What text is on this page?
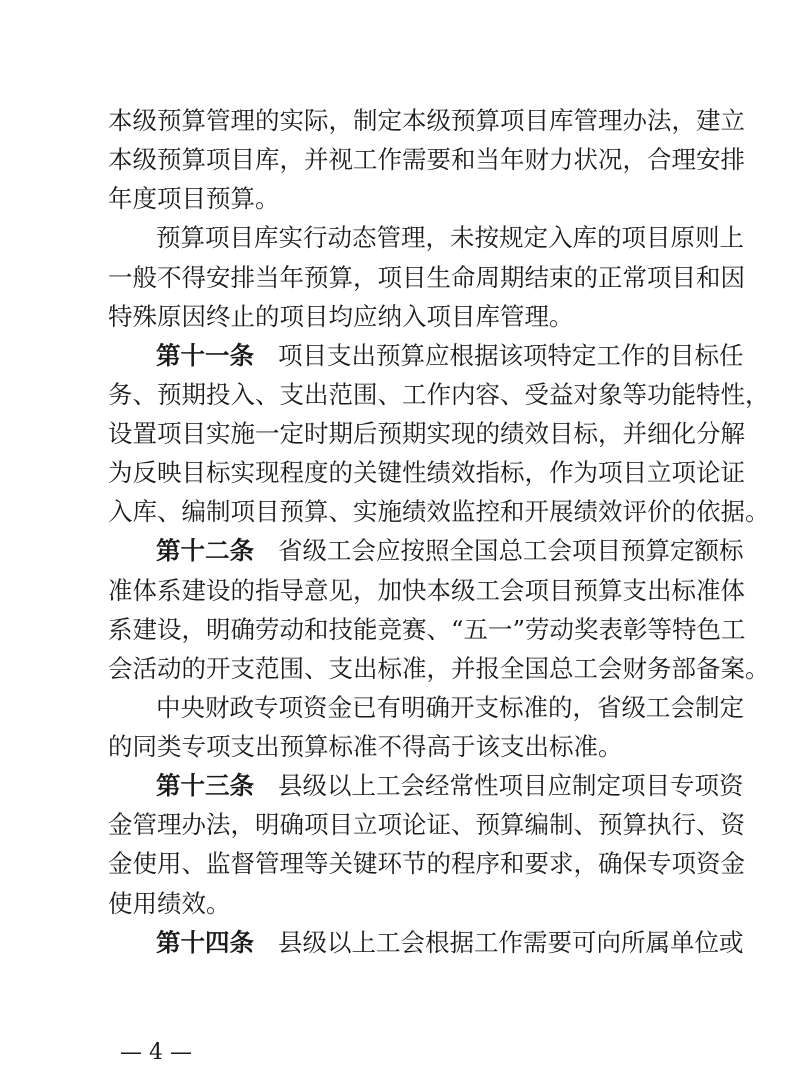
本级预算管理的实际，制定本级预算项目库管理办法，建立
本级预算项目库，并视工作需要和当年财力状况，合理安排
年度项目预算。
预算项目库实行动态管理，未按规定入库的项目原则上
一般不得安排当年预算，项目生命周期结束的正常项目和因
特殊原因终止的项目均应纳入项目库管理。
第十一条 项目支出预算应根据该项特定工作的目标任
务、预期投入、支出范围、工作内容、受益对象等功能特性，
设置项目实施一定时期后预期实现的绩效目标，并细化分解
为反映目标实现程度的关键性绩效指标，作为项目立项论证
入库、编制项目预算、实施绩效监控和开展绩效评价的依据。
第十二条 省级工会应按照全国总工会项目预算定额标
准体系建设的指导意见，加快本级工会项目预算支出标准体
系建设，明确劳动和技能竞赛、“五一”劳动奖表彰等特色工
会活动的开支范围、支出标准，并报全国总工会财务部备案。
中央财政专项资金已有明确开支标准的，省级工会制定
的同类专项支出预算标准不得高于该支出标准。
第十三条 县级以上工会经常性项目应制定项目专项资
金管理办法，明确项目立项论证、预算编制、预算执行、资
金使用、监督管理等关键环节的程序和要求，确保专项资金
使用绩效。
第十四条 县级以上工会根据工作需要可向所属单位或
— 4 —
